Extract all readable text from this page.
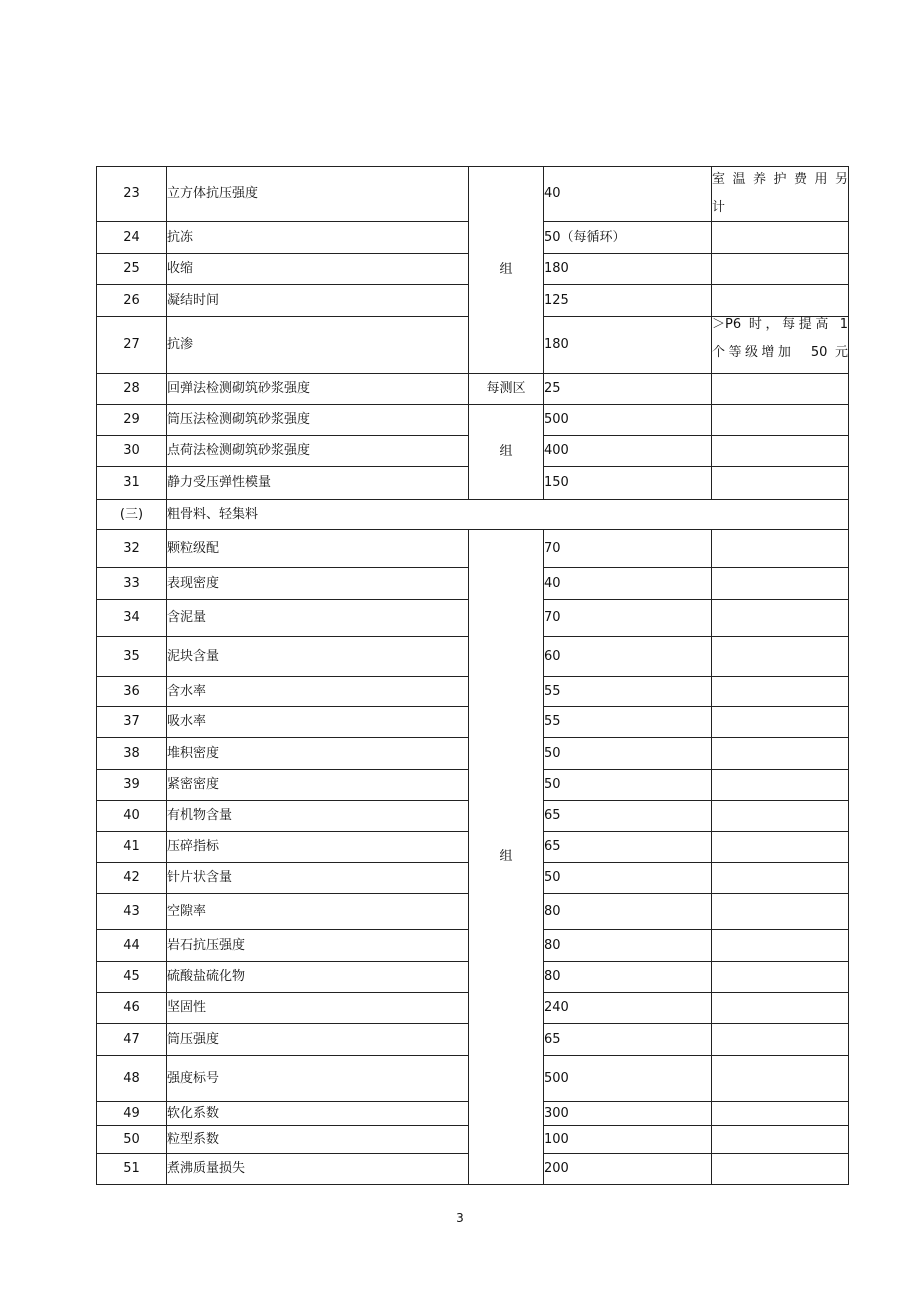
23	立方体抗压强度	组	40	室温养护费用另
计
24	抗冻		50（每循环）	
25	收缩		180	
26	凝结时间		125	
27	抗渗		180	＞P6 时，每提高 1
个等级增加　50 元

28	回弹法检测砌筑砂浆强度	每测区	25	
29	筒压法检测砌筑砂浆强度	组	500	
30	点荷法检测砌筑砂浆强度		400	
31	静力受压弹性模量		150	
(三)	粗骨料、轻集料			
32	颗粒级配	组	70	
33	表现密度		40	
34	含泥量		70	
35	泥块含量		60	
36	含水率		55	
37	吸水率		55	
38	堆积密度		50	
39	紧密密度		50	
40	有机物含量		65	
41	压碎指标		65	
42	针片状含量		50	
43	空隙率		80	
44	岩石抗压强度		80	
45	硫酸盐硫化物		80	
46	坚固性		240	
47	筒压强度		65	
48	强度标号		500	
49	软化系数		300	
50	粒型系数		100	
51	煮沸质量损失		200	
3
